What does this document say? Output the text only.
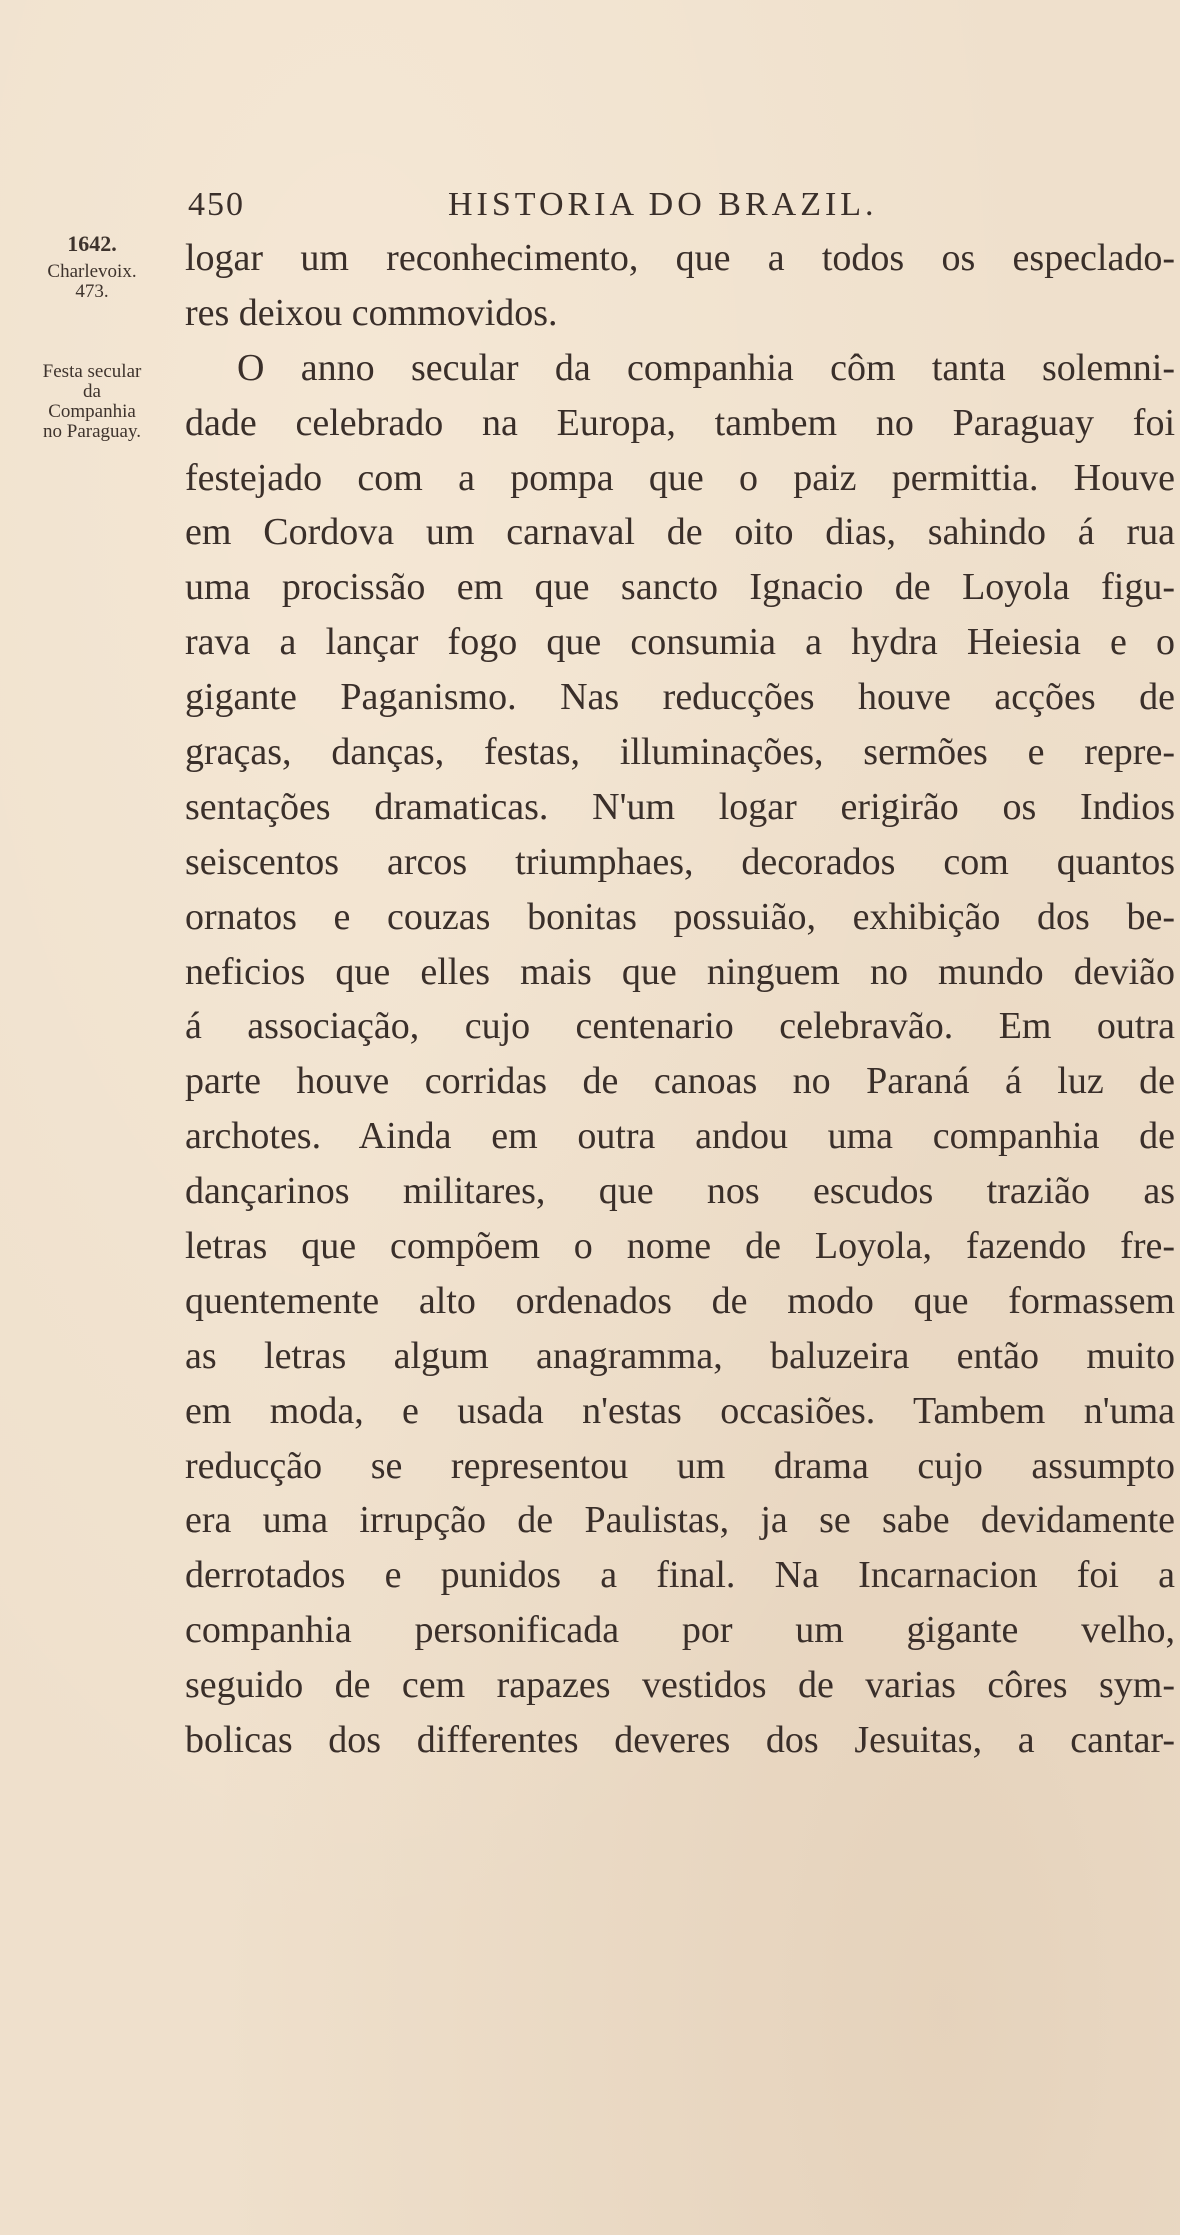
450	HISTORIA DO BRAZIL.
1642.
Charlevoix.
473.
Festa secular
da
Companhia
no Paraguay.
logar um reconhecimento, que a todos os especlado-
res deixou commovidos.
O anno secular da companhia côm tanta solemni-
dade celebrado na Europa, tambem no Paraguay foi
festejado com a pompa que o paiz permittia. Houve
em Cordova um carnaval de oito dias, sahindo á rua
uma procissão em que sancto Ignacio de Loyola figu-
rava a lançar fogo que consumia a hydra Heiesia e o
gigante Paganismo. Nas reducções houve acções de
graças, danças, festas, illuminações, sermões e repre-
sentações dramaticas. N'um logar erigirão os Indios
seiscentos arcos triumphaes, decorados com quantos
ornatos e couzas bonitas possuião, exhibição dos be-
neficios que elles mais que ninguem no mundo devião
á associação, cujo centenario celebravão. Em outra
parte houve corridas de canoas no Paraná á luz de
archotes. Ainda em outra andou uma companhia de
dançarinos militares, que nos escudos trazião as
letras que compõem o nome de Loyola, fazendo fre-
quentemente alto ordenados de modo que formassem
as letras algum anagramma, baluzeira então muito
em moda, e usada n'estas occasiões. Tambem n'uma
reducção se representou um drama cujo assumpto
era uma irrupção de Paulistas, ja se sabe devidamente
derrotados e punidos a final. Na Incarnacion foi a
companhia personificada por um gigante velho,
seguido de cem rapazes vestidos de varias côres sym-
bolicas dos differentes deveres dos Jesuitas, a cantar-
